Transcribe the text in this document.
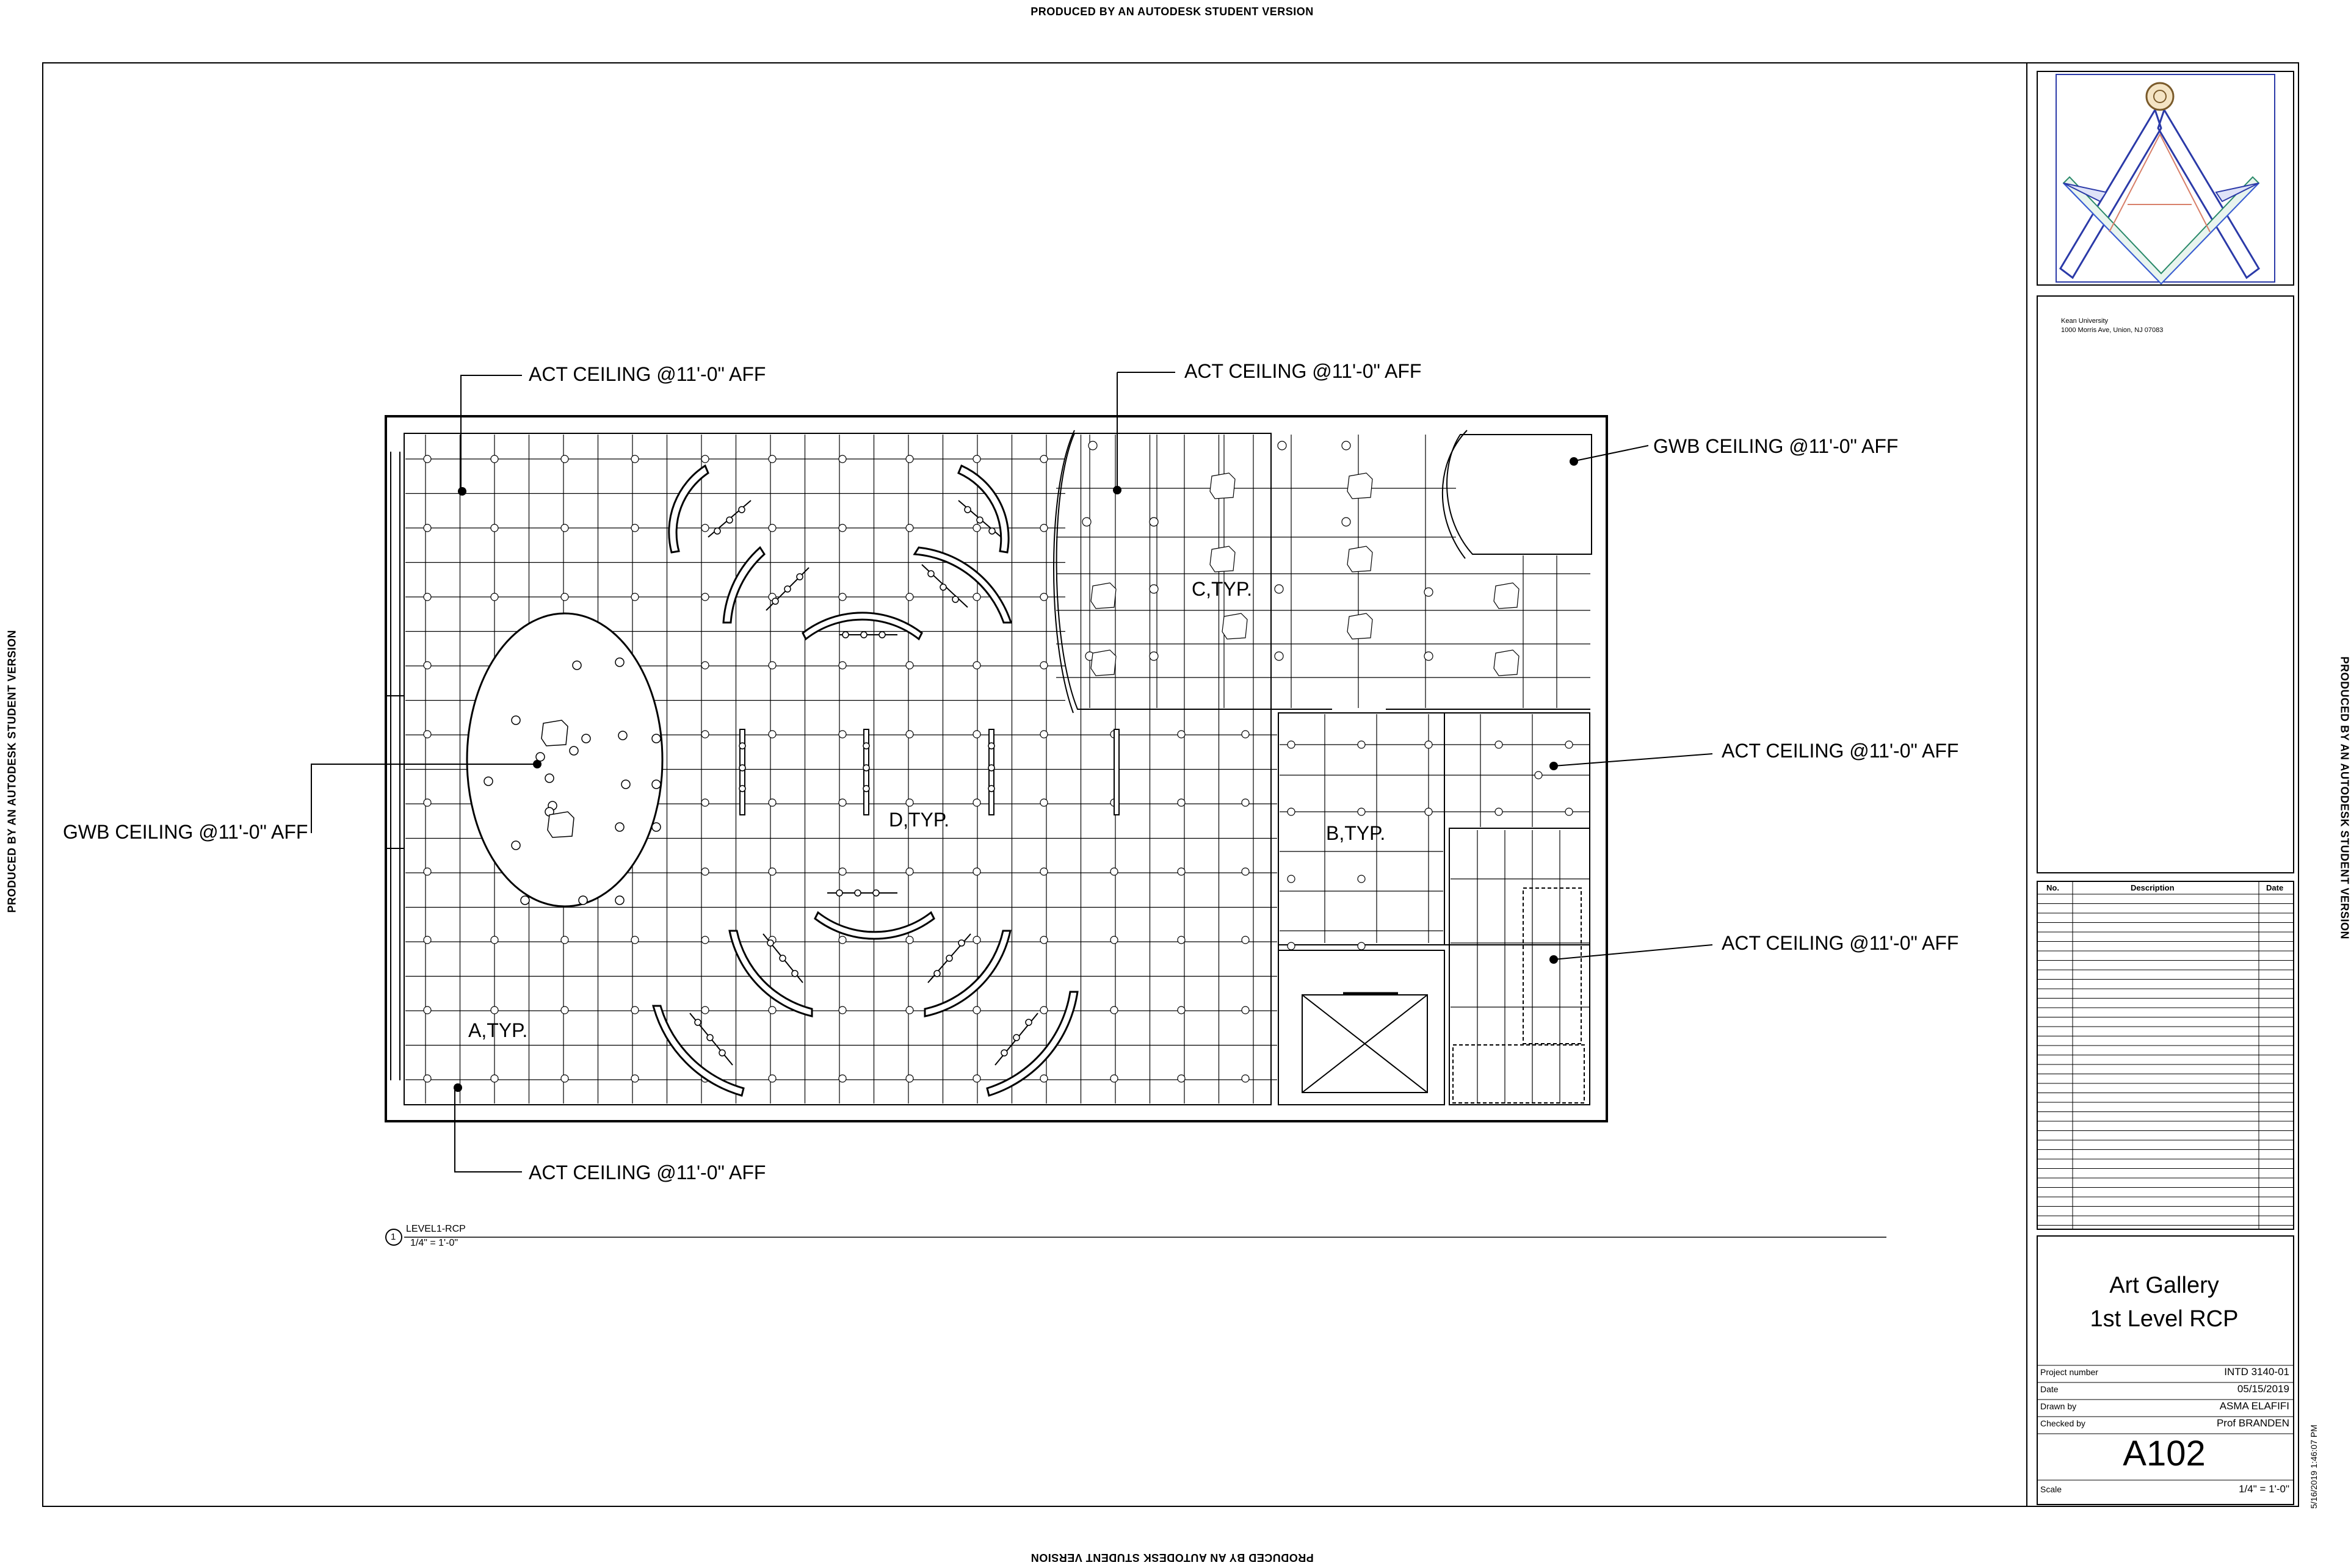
PRODUCED BY AN AUTODESK STUDENT VERSION
PRODUCED BY AN AUTODESK STUDENT VERSION
PRODUCED BY AN AUTODESK STUDENT VERSION	PRODUCED BY AN AUTODESK STUDENT VERSION
5/16/2019 1:46:07 PM
ACT CEILING @11'-0" AFF	ACT CEILING @11'-0" AFF
GWB CEILING @11'-0" AFF
GWB CEILING @11'-0" AFF
ACT CEILING @11'-0" AFF
ACT CEILING @11'-0" AFF
ACT CEILING @11'-0" AFF
A,TYP.
B,TYP.
C,TYP.
D,TYP.
1
LEVEL1-RCP
1/4" = 1'-0"
Kean University
1000 Morris Ave, Union, NJ 07083
No.	Description	Date
Art Gallery
1st Level RCP
Project number	INTD 3140-01
Date	05/15/2019
Drawn by	ASMA ELAFIFI
Checked by	Prof BRANDEN
A102
Scale	1/4" = 1'-0"
